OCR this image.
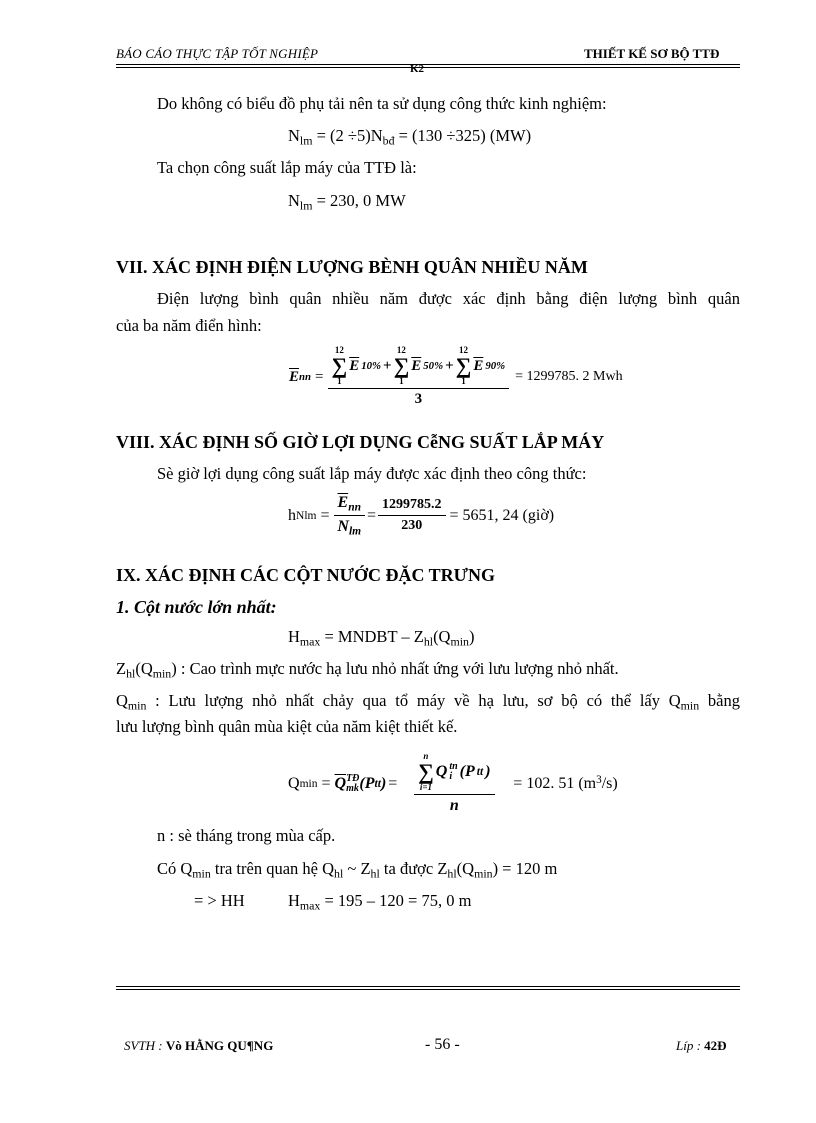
BÁO CÁO THỰC TẬP TỐT NGHIỆP	THIẾT KẾ SƠ BỘ TTĐ
K2
Do không có biểu đồ phụ tải nên ta sử dụng công thức kinh nghiệm:
$N_{lm} = (2 \div 5)N_{bđ} = (130 \div 325)$ (MW)
Ta chọn công suất lắp máy của TTĐ là:
$N_{lm} = 230$, 0 MW
VII. XÁC ĐỊNH ĐIỆN LƯỢNG BÈNH QUÂN NHIỀU NĂM
Điện lượng bình quân nhiều năm được xác định bằng điện lượng bình quân
của ba năm điển hình:
$\overline{E}$ nn =
12
∑
1
$\overline{E}$ 10% +
12
∑
1
$\overline{E}$ 50% +
12
∑
1
$\overline{E}$ 90%
3
= 1299785. 2 Mwh
VIII. XÁC ĐỊNH SỐ GIỜ LỢI DỤNG CễNG SUẤT LẮP MÁY
Sè giờ lợi dụng công suất lắp máy được xác định theo công thức:
h Nlm = $\frac{\overline{E}_{nn}}{N_{lm}} = \frac{1299785.2}{230} = 5651$, 24 (giờ)
IX. XÁC ĐỊNH CÁC CỘT NƯỚC ĐẶC TRƯNG
1. Cột nước lớn nhất:
$H_{max}$ = MNDBT – $Z_{hl}(Q_{min})$
$Z_{hl}(Q_{min})$ : Cao trình mực nước hạ lưu nhỏ nhất ứng với lưu lượng nhỏ nhất.
$Q_{min}$ : Lưu lượng nhỏ nhất chảy qua tổ máy về hạ lưu, sơ bộ có thể lấy $Q_{min}$ bằng
lưu lượng bình quân mùa kiệt của năm kiệt thiết kế.
Q $\min = \overline{Q}$ TĐ
mk (P tt ) = n
∑
i=1
Q tn
i (P tt )
n = 102. 51 $(m^3/s)$
n : sè tháng trong mùa cấp.
Có $Q_{min}$ tra trên quan hệ $Q_{hl}$ ~ $Z_{hl}$ ta được $Z_{hl}(Q_{min}) = 120$ m
= > HH	$H_{max} = 195 - 120 = 75$, 0 m
SVTH : Vò HẰNG QU¶NG	- 56 -	Líp : 42Ð
